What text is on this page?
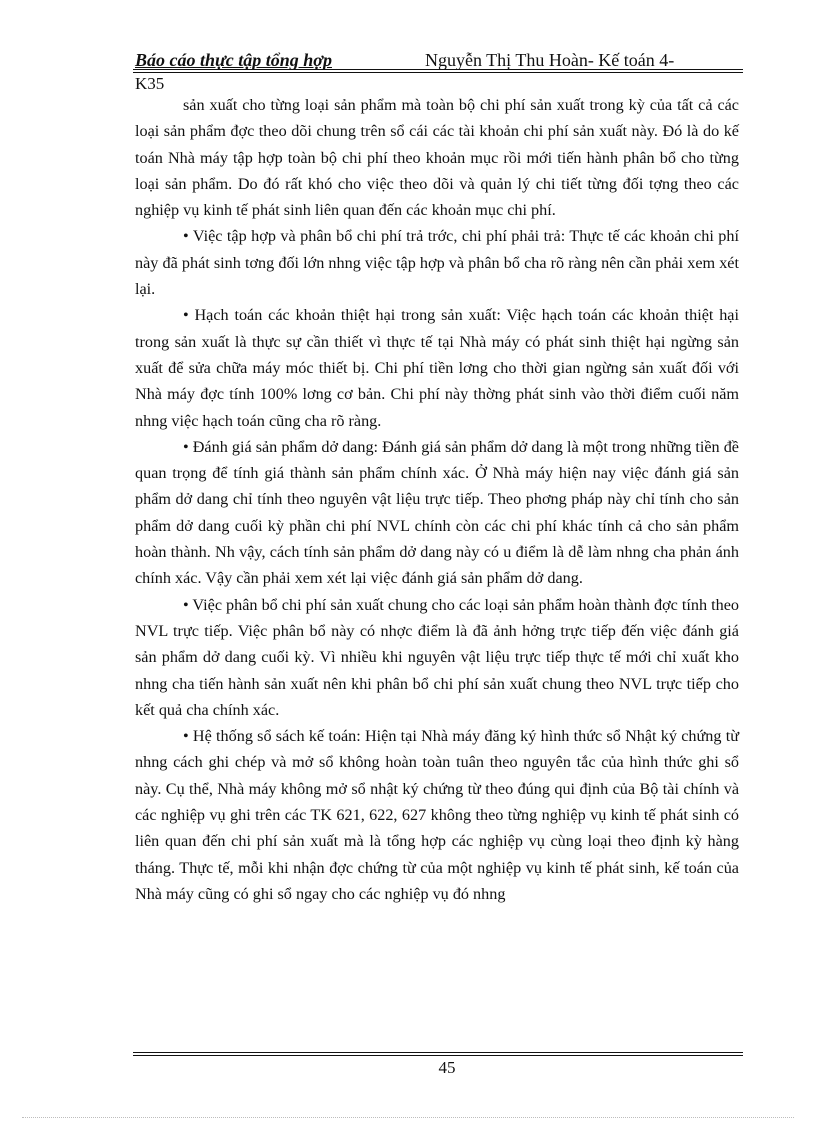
Báo cáo thực tập tổng hợp	Nguyễn Thị Thu Hoàn- Kế toán 4-
K35

sản xuất cho từng loại sản phẩm mà toàn bộ chi phí sản xuất trong kỳ của tất cả các loại sản phẩm đợc theo dõi chung trên sổ cái các tài khoản chi phí sản xuất này. Đó là do kế toán Nhà máy tập hợp toàn bộ chi phí theo khoản mục rồi mới tiến hành phân bổ cho từng loại sản phẩm. Do đó rất khó cho việc theo dõi và quản lý chi tiết từng đối tợng theo các nghiệp vụ kinh tế phát sinh liên quan đến các khoản mục chi phí.

• Việc tập hợp và phân bổ chi phí trả trớc, chi phí phải trả: Thực tế các khoản chi phí này đã phát sinh tơng đối lớn nhng việc tập hợp và phân bổ cha rõ ràng nên cần phải xem xét lại.

• Hạch toán các khoản thiệt hại trong sản xuất: Việc hạch toán các khoản thiệt hại trong sản xuất là thực sự cần thiết vì thực tế tại Nhà máy có phát sinh thiệt hại ngừng sản xuất để sửa chữa máy móc thiết bị. Chi phí tiền lơng cho thời gian ngừng sản xuất đối với Nhà máy đợc tính 100% lơng cơ bản. Chi phí này thờng phát sinh vào thời điểm cuối năm nhng việc hạch toán cũng cha rõ ràng.

• Đánh giá sản phẩm dở dang: Đánh giá sản phẩm dở dang là một trong những tiền đề quan trọng để tính giá thành sản phẩm chính xác. Ở Nhà máy hiện nay việc đánh giá sản phẩm dở dang chỉ tính theo nguyên vật liệu trực tiếp. Theo phơng pháp này chỉ tính cho sản phẩm dở dang cuối kỳ phần chi phí NVL chính còn các chi phí khác tính cả cho sản phẩm hoàn thành. Nh vậy, cách tính sản phẩm dở dang này có u điểm là dễ làm nhng cha phản ánh chính xác. Vậy cần phải xem xét lại việc đánh giá sản phẩm dở dang.

• Việc phân bổ chi phí sản xuất chung cho các loại sản phẩm hoàn thành đợc tính theo NVL trực tiếp. Việc phân bổ này có nhợc điểm là đã ảnh hởng trực tiếp đến việc đánh giá sản phẩm dở dang cuối kỳ. Vì nhiều khi nguyên vật liệu trực tiếp thực tế mới chỉ xuất kho nhng cha tiến hành sản xuất nên khi phân bổ chi phí sản xuất chung theo NVL trực tiếp cho kết quả cha chính xác.

• Hệ thống sổ sách kế toán: Hiện tại Nhà máy đăng ký hình thức sổ Nhật ký chứng từ nhng cách ghi chép và mở sổ không hoàn toàn tuân theo nguyên tắc của hình thức ghi sổ này. Cụ thể, Nhà máy không mở sổ nhật ký chứng từ theo đúng qui định của Bộ tài chính và các nghiệp vụ ghi trên các TK 621, 622, 627 không theo từng nghiệp vụ kinh tế phát sinh có liên quan đến chi phí sản xuất mà là tổng hợp các nghiệp vụ cùng loại theo định kỳ hàng tháng. Thực tế, mỗi khi nhận đợc chứng từ của một nghiệp vụ kinh tế phát sinh, kế toán của Nhà máy cũng có ghi sổ ngay cho các nghiệp vụ đó nhng

45
